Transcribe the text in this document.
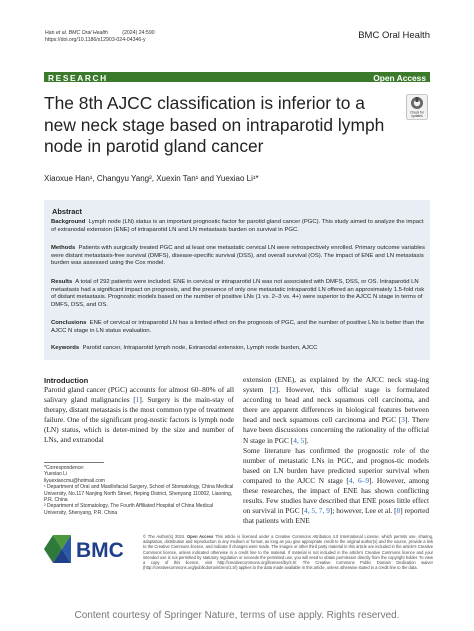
Han et al. BMC Oral Health          (2024) 24:590
https://doi.org/10.1186/s12903-024-04346-y	BMC Oral Health
RESEARCH	Open Access
The 8th AJCC classification is inferior to a new neck stage based on intraparotid lymph node in parotid gland cancer
Check for
updates
Xiaoxue Han¹, Changyu Yang², Xuexin Tan¹ and Yuexiao Li¹*
Abstract
Background Lymph node (LN) status is an important prognostic factor for parotid gland cancer (PGC). This study aimed to analyze the impact of extranodal extension (ENE) of intraparotid LN and LN metastasis burden on survival in PGC.
Methods Patients with surgically treated PGC and at least one metastatic cervical LN were retrospectively enrolled. Primary outcome variables were distant metastasis-free survival (DMFS), disease-specific survival (DSS), and overall survival (OS). The impact of ENE and LN metastasis burden was assessed using the Cox model.
Results A total of 292 patients were included. ENE in cervical or intraparotid LN was not associated with DMFS, DSS, or OS. Intraparotid LN metastasis had a significant impact on prognosis, and the presence of only one metastatic intraparotid LN offered an approximately 1.5-fold risk of distant metastasis. Prognostic models based on the number of positive LNs (1 vs. 2–3 vs. 4+) were superior to the AJCC N stage in terms of DMFS, DSS, and OS.
Conclusions ENE of cervical or intraparotid LN has a limited effect on the prognosis of PGC, and the number of positive LNs is better than the AJCC N stage in LN status evaluation.
Keywords Parotid cancer, Intraparotid lymph node, Extranodal extension, Lymph node burden, AJCC
Introduction
Parotid gland cancer (PGC) accounts for almost 60–80% of all salivary gland malignancies [1]. Surgery is the main-stay of therapy, distant metastasis is the most common type of treatment failure. One of the significant prog-nostic factors is lymph node (LN) status, which is deter-mined by the size and number of LNs, and extranodal
extension (ENE), as explained by the AJCC neck stag-ing system [2]. However, this official stage is formulated according to head and neck squamous cell carcinoma, and there are apparent differences in biological features between head and neck squamous cell carcinoma and PGC [3]. There have been discussions concerning the rationality of the official N stage in PGC [4, 5].
Some literature has confirmed the prognostic role of the number of metastatic LNs in PGC, and prognos-tic models based on LN burden have predicted superior survival when compared to the AJCC N stage [4, 6–9]. However, among these researches, the impact of ENE has shown conflicting results. Few studies have described that ENE poses little effect on survival in PGC [4, 5, 7, 9]; however, Lee et al. [8] reported that patients with ENE
*Correspondence:
Yuexiao Li
liyuexiaocmu@hotmail.com
¹ Department of Oral and Maxillofacial Surgery, School of Stomatology, China Medical University, No.117 Nanjing North Street, Heping District, Shenyang 110002, Liaoning, P.R. China
² Department of Stomatology, The Fourth Affiliated Hospital of China Medical University, Shenyang, P.R. China
BMC
© The Author(s) 2024. Open Access This article is licensed under a Creative Commons Attribution 4.0 International License, which permits use, sharing, adaptation, distribution and reproduction in any medium or format, as long as you give appropriate credit to the original author(s) and the source, provide a link to the Creative Commons licence, and indicate if changes were made. The images or other third party material in this article are included in the article's Creative Commons licence, unless indicated otherwise in a credit line to the material. If material is not included in the article's Creative Commons licence and your intended use is not permitted by statutory regulation or exceeds the permitted use, you will need to obtain permission directly from the copyright holder. To view a copy of this licence, visit http://creativecommons.org/licenses/by/4.0/. The Creative Commons Public Domain Dedication waiver (http://creativecommons.org/publicdomain/zero/1.0/) applies to the data made available in this article, unless otherwise stated in a credit line to the data.
Content courtesy of Springer Nature, terms of use apply. Rights reserved.
